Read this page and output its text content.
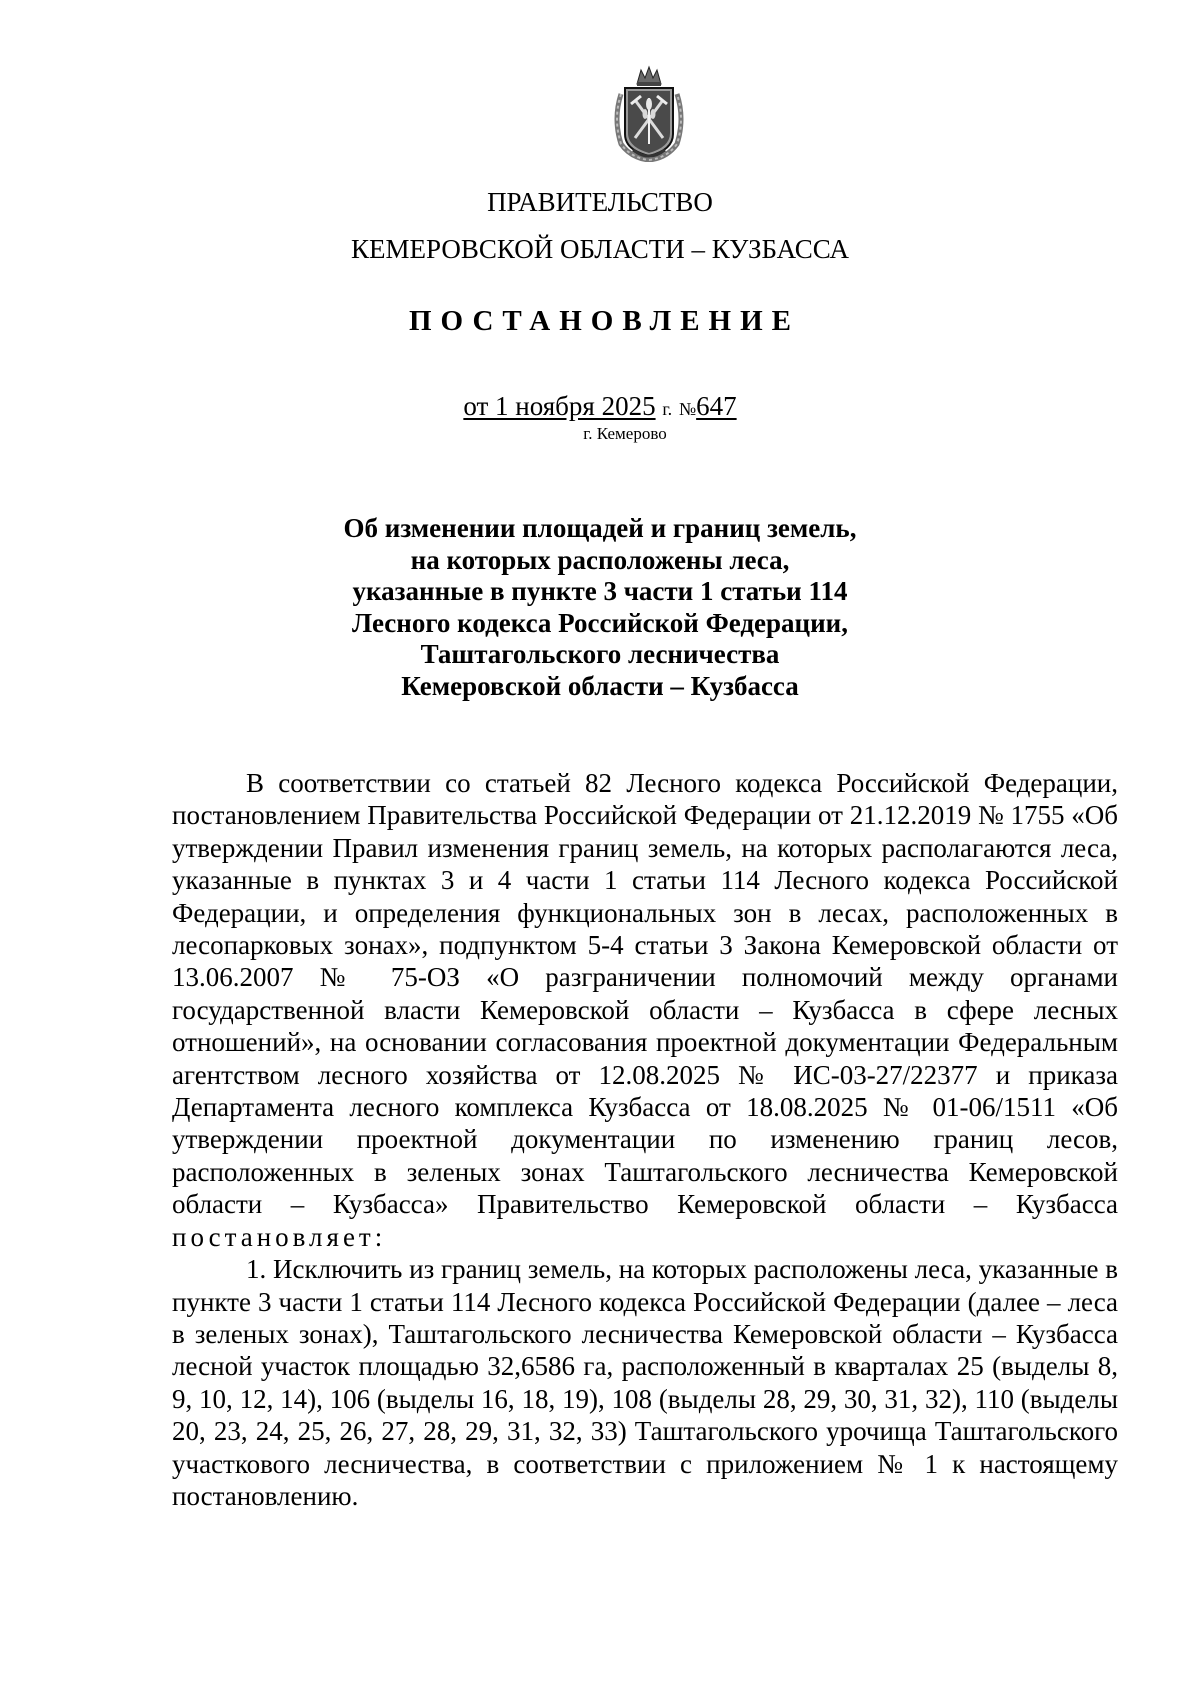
ПРАВИТЕЛЬСТВО
КЕМЕРОВСКОЙ ОБЛАСТИ – КУЗБАССА
ПОСТАНОВЛЕНИЕ
от 1 ноября 2025 г. №647
г. Кемерово
Об изменении площадей и границ земель,
на которых расположены леса,
указанные в пункте 3 части 1 статьи 114
Лесного кодекса Российской Федерации,
Таштагольского лесничества
Кемеровской области – Кузбасса

В соответствии со статьей 82 Лесного кодекса Российской Федерации, постановлением Правительства Российской Федерации от 21.12.2019 № 1755 «Об утверждении Правил изменения границ земель, на которых располагаются леса, указанные в пунктах 3 и 4 части 1 статьи 114 Лесного кодекса Российской Федерации, и определения функциональных зон в лесах, расположенных в лесопарковых зонах», подпунктом 5-4 статьи 3 Закона Кемеровской области от 13.06.2007 № 75-ОЗ «О разграничении полномочий между органами государственной власти Кемеровской области – Кузбасса в сфере лесных отношений», на основании согласования проектной документации Федеральным агентством лесного хозяйства от 12.08.2025 № ИС-03-27/22377 и приказа Департамента лесного комплекса Кузбасса от 18.08.2025 № 01-06/1511 «Об утверждении проектной документации по изменению границ лесов, расположенных в зеленых зонах Таштагольского лесничества Кемеровской области – Кузбасса» Правительство Кемеровской области – Кузбасса постановляет:

1. Исключить из границ земель, на которых расположены леса, указанные в пункте 3 части 1 статьи 114 Лесного кодекса Российской Федерации (далее – леса в зеленых зонах), Таштагольского лесничества Кемеровской области – Кузбасса лесной участок площадью 32,6586 га, расположенный в кварталах 25 (выделы 8, 9, 10, 12, 14), 106 (выделы 16, 18, 19), 108 (выделы 28, 29, 30, 31, 32), 110 (выделы 20, 23, 24, 25, 26, 27, 28, 29, 31, 32, 33) Таштагольского урочища Таштагольского участкового лесничества, в соответствии с приложением № 1 к настоящему постановлению.
